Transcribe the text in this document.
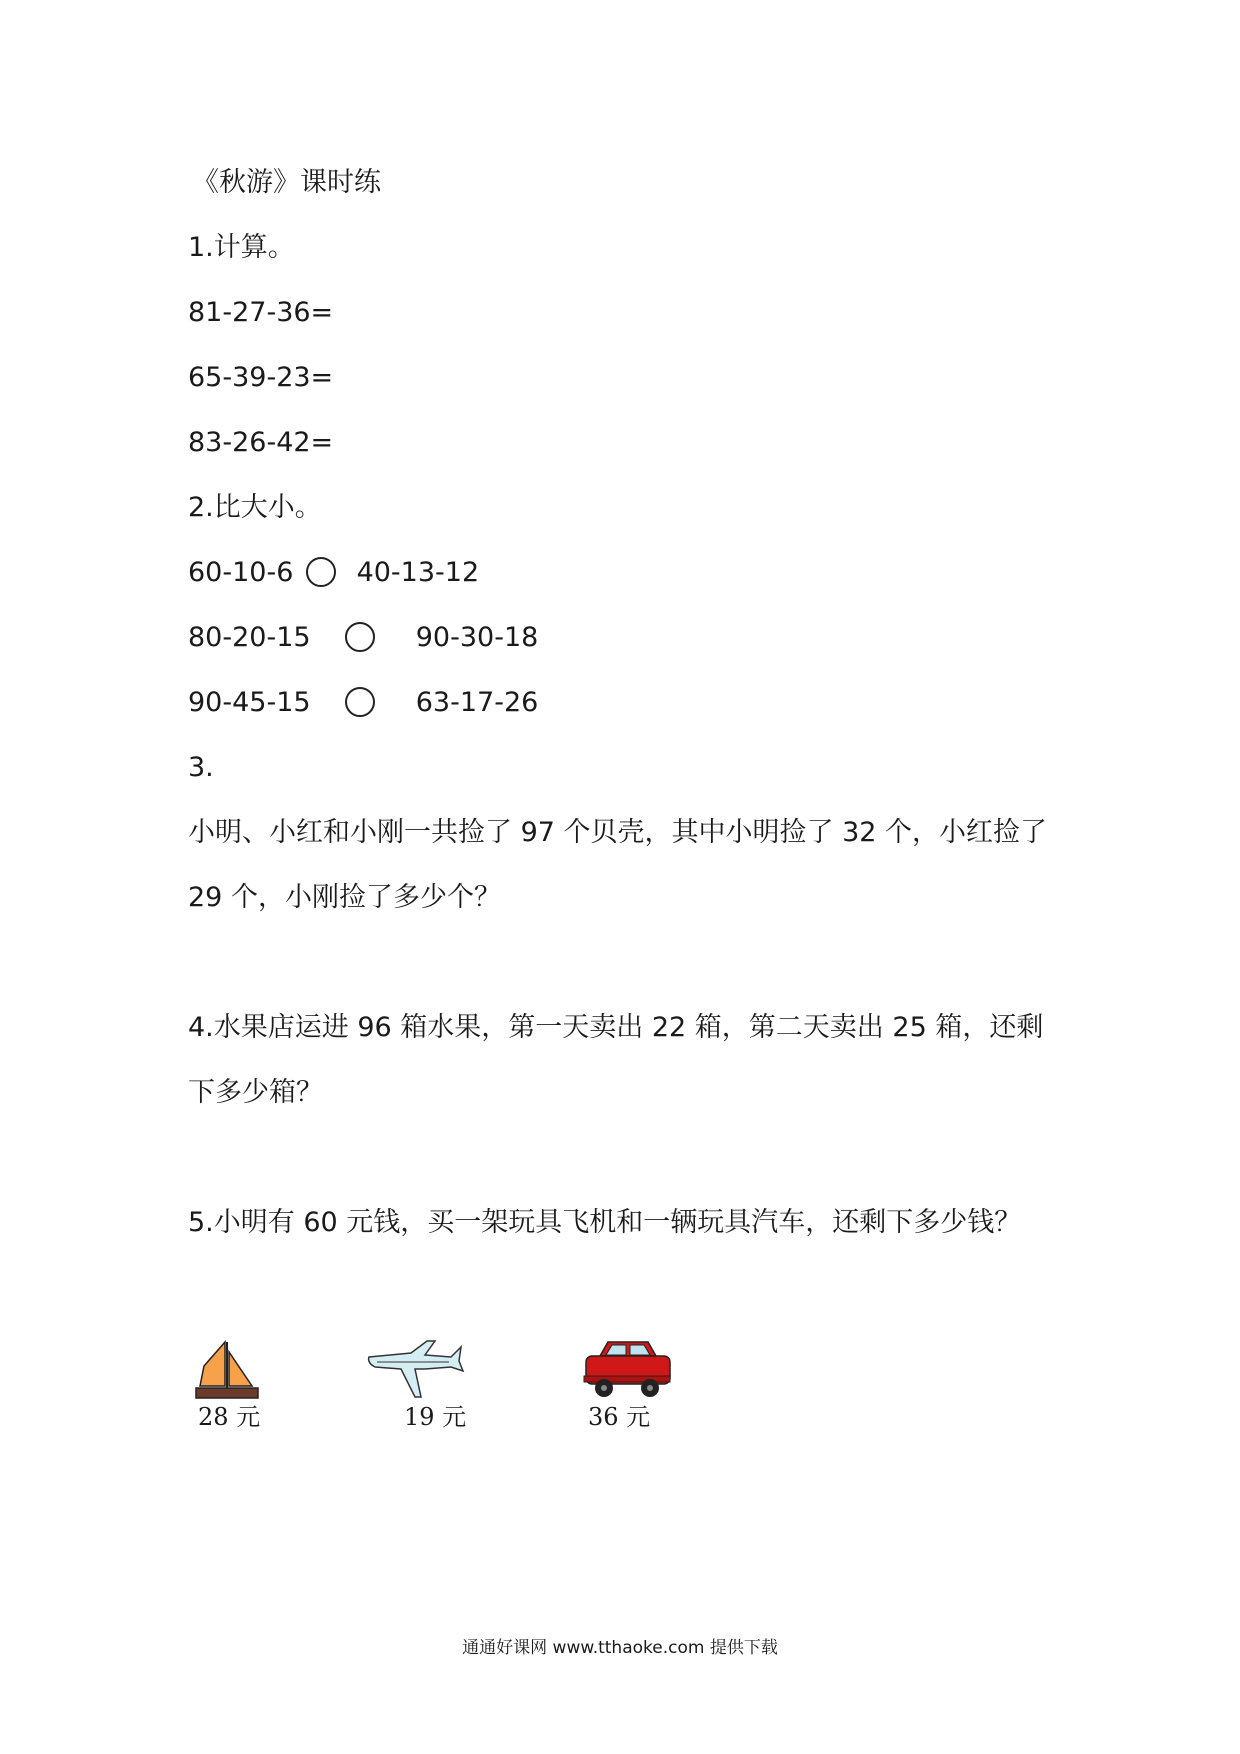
《秋游》课时练
1.计算。
81-27-36=
65-39-23=
83-26-42=
2.比大小。
60-10-6 40-13-12
80-20-15	90-30-18
90-45-15	63-17-26
3.
小明、小红和小刚一共捡了 97 个贝壳，其中小明捡了 32 个，小红捡了 29 个，小刚捡了多少个？
4.水果店运进 96 箱水果，第一天卖出 22 箱，第二天卖出 25 箱，还剩下多少箱？
5.小明有 60 元钱，买一架玩具飞机和一辆玩具汽车，还剩下多少钱？
28 元	19 元	36 元
通通好课网 www.tthaoke.com 提供下载
